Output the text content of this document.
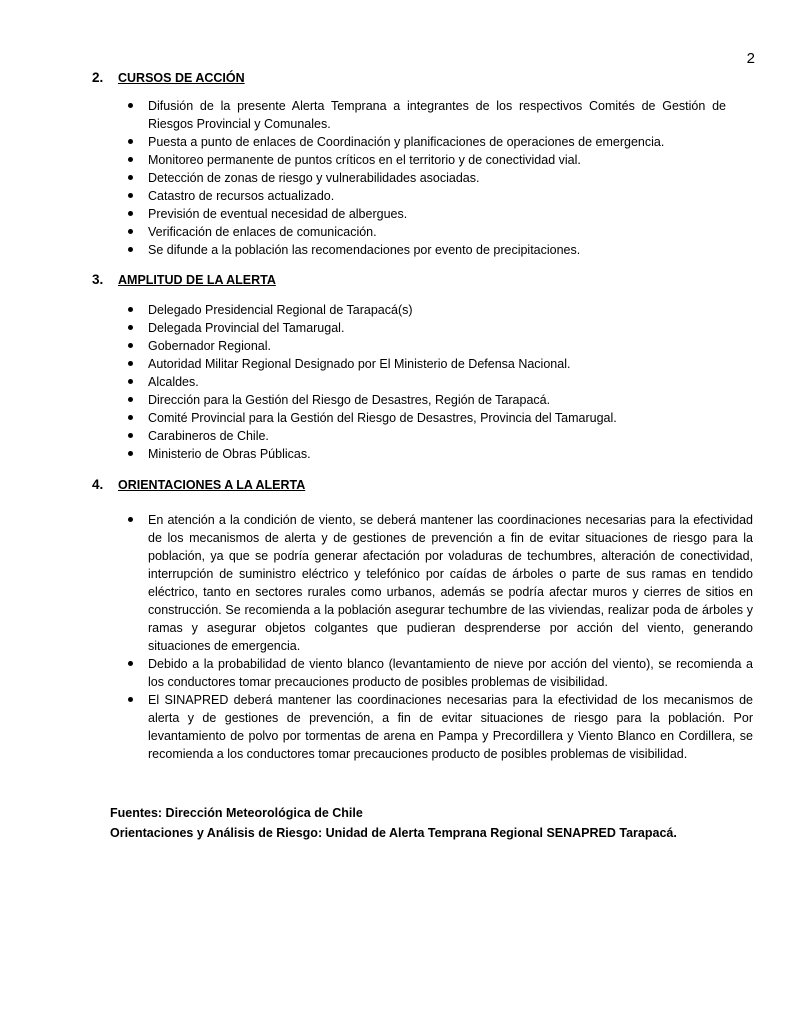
2
2. CURSOS DE ACCIÓN
Difusión de la presente Alerta Temprana a integrantes de los respectivos Comités de Gestión de Riesgos Provincial y Comunales.
Puesta a punto de enlaces de Coordinación y planificaciones de operaciones de emergencia.
Monitoreo permanente de puntos críticos en el territorio y de conectividad vial.
Detección de zonas de riesgo y vulnerabilidades asociadas.
Catastro de recursos actualizado.
Previsión de eventual necesidad de albergues.
Verificación de enlaces de comunicación.
Se difunde a la población las recomendaciones por evento de precipitaciones.
3. AMPLITUD DE LA ALERTA
Delegado Presidencial Regional de Tarapacá(s)
Delegada Provincial del Tamarugal.
Gobernador Regional.
Autoridad Militar Regional Designado por El Ministerio de Defensa Nacional.
Alcaldes.
Dirección para la Gestión del Riesgo de Desastres, Región de Tarapacá.
Comité Provincial para la Gestión del Riesgo de Desastres, Provincia del Tamarugal.
Carabineros de Chile.
Ministerio de Obras Públicas.
4. ORIENTACIONES A LA ALERTA
En atención a la condición de viento, se deberá mantener las coordinaciones necesarias para la efectividad de los mecanismos de alerta y de gestiones de prevención a fin de evitar situaciones de riesgo para la población, ya que se podría generar afectación por voladuras de techumbres, alteración de conectividad, interrupción de suministro eléctrico y telefónico por caídas de árboles o parte de sus ramas en tendido eléctrico, tanto en sectores rurales como urbanos, además se podría afectar muros y cierres de sitios en construcción. Se recomienda a la población asegurar techumbre de las viviendas, realizar poda de árboles y ramas y asegurar objetos colgantes que pudieran desprenderse por acción del viento, generando situaciones de emergencia.
Debido a la probabilidad de viento blanco (levantamiento de nieve por acción del viento), se recomienda a los conductores tomar precauciones producto de posibles problemas de visibilidad.
El SINAPRED deberá mantener las coordinaciones necesarias para la efectividad de los mecanismos de alerta y de gestiones de prevención, a fin de evitar situaciones de riesgo para la población. Por levantamiento de polvo por tormentas de arena en Pampa y Precordillera y Viento Blanco en Cordillera, se recomienda a los conductores tomar precauciones producto de posibles problemas de visibilidad.
Fuentes: Dirección Meteorológica de Chile
Orientaciones y Análisis de Riesgo: Unidad de Alerta Temprana Regional SENAPRED Tarapacá.
